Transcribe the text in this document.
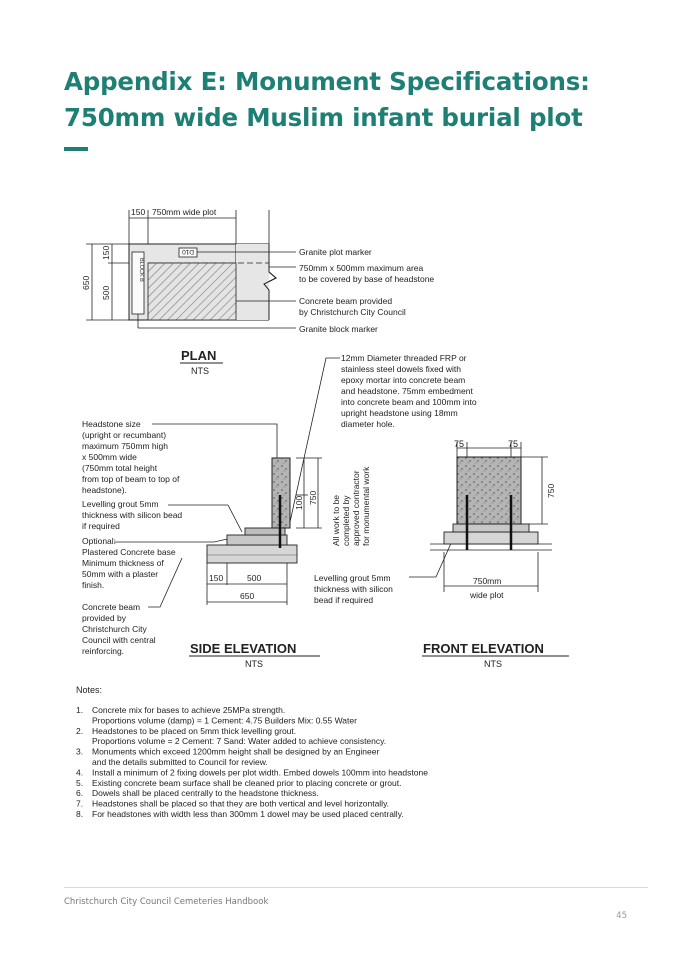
Appendix E: Monument Specifications: 750mm wide Muslim infant burial plot
150 750mm wide plot
BLOCK B
D10
650
150
500
Granite plot marker
750mm x 500mm maximum area
to be covered by base of headstone
Concrete beam provided
by Christchurch City Council
Granite block marker
PLAN
NTS
12mm Diameter threaded FRP or
stainless steel dowels fixed with
epoxy mortar into concrete beam
and headstone. 75mm embedment
into concrete beam and 100mm into
upright headstone using 18mm
diameter hole.
Headstone size
(upright or recumbant)
maximum 750mm high
x 500mm wide
(750mm total height
from top of beam to top of
headstone).
Levelling grout 5mm
thickness with silicon bead
if required
Optional:
Plastered Concrete base
Minimum thickness of
50mm with a plaster
finish.
Concrete beam
provided by
Christchurch City
Council with central
reinforcing.
100 750 All work to be completed by approved contractor for monumental work
150	500
650
Levelling grout 5mm
thickness with silicon
bead if required
SIDE ELEVATION
NTS
75	75
750
750mm
wide plot
FRONT ELEVATION
NTS
Notes:
1. Concrete mix for bases to achieve 25MPa strength.
Proportions volume (damp) = 1 Cement: 4.75 Builders Mix: 0.55 Water
2. Headstones to be placed on 5mm thick levelling grout.
Proportions volume = 2 Cement: 7 Sand: Water added to achieve consistency.
3. Monuments which exceed 1200mm height shall be designed by an Engineer
and the details submitted to Council for review.
4. Install a minimum of 2 fixing dowels per plot width. Embed dowels 100mm into headstone
5. Existing concrete beam surface shall be cleaned prior to placing concrete or grout.
6. Dowels shall be placed centrally to the headstone thickness.
7. Headstones shall be placed so that they are both vertical and level horizontally.
8. For headstones with width less than 300mm 1 dowel may be used placed centrally.
Christchurch City Council Cemeteries Handbook
45
